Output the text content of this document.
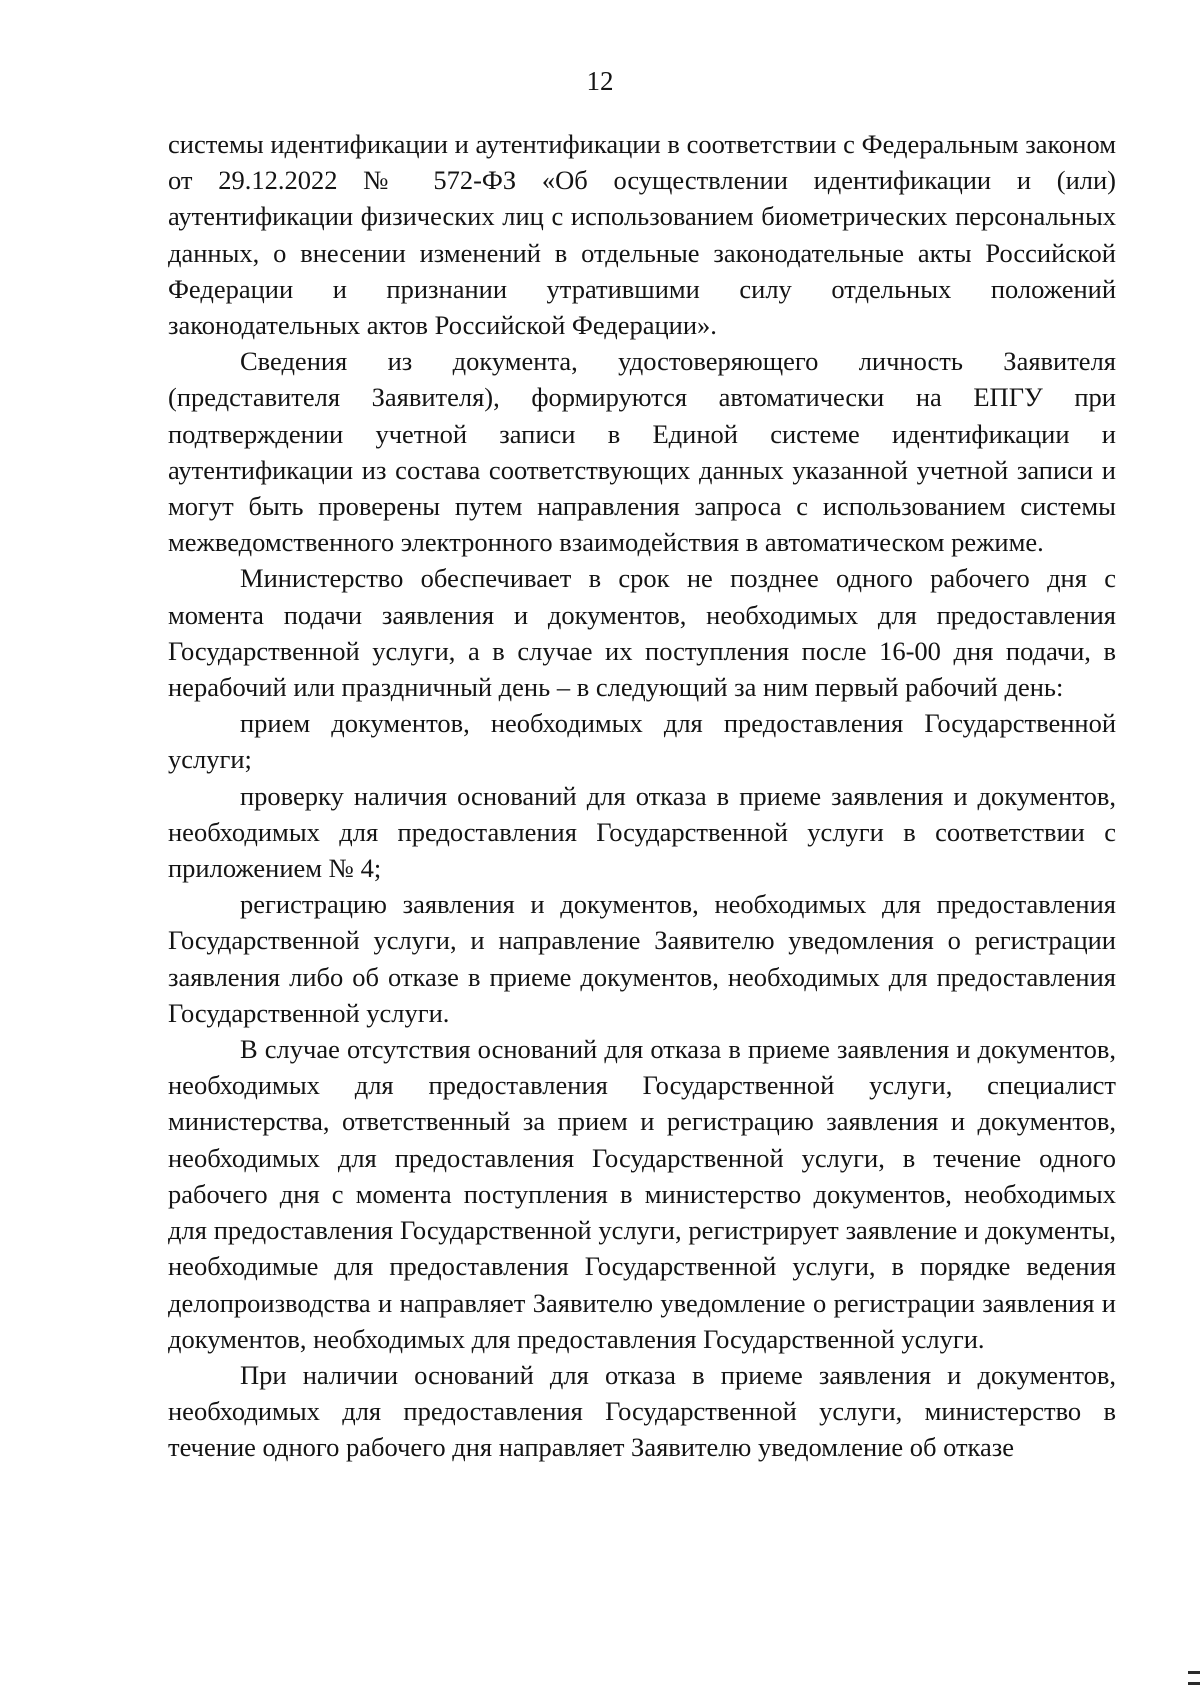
12

системы идентификации и аутентификации в соответствии с Федеральным законом от 29.12.2022 № 572-ФЗ «Об осуществлении идентификации и (или) аутентификации физических лиц с использованием биометрических персональных данных, о внесении изменений в отдельные законодательные акты Российской Федерации и признании утратившими силу отдельных положений законодательных актов Российской Федерации».

Сведения из документа, удостоверяющего личность Заявителя (представителя Заявителя), формируются автоматически на ЕПГУ при подтверждении учетной записи в Единой системе идентификации и аутентификации из состава соответствующих данных указанной учетной записи и могут быть проверены путем направления запроса с использованием системы межведомственного электронного взаимодействия в автоматическом режиме.

Министерство обеспечивает в срок не позднее одного рабочего дня с момента подачи заявления и документов, необходимых для предоставления Государственной услуги, а в случае их поступления после 16-00 дня подачи, в нерабочий или праздничный день – в следующий за ним первый рабочий день:

прием документов, необходимых для предоставления Государственной услуги;

проверку наличия оснований для отказа в приеме заявления и документов, необходимых для предоставления Государственной услуги в соответствии с приложением № 4;

регистрацию заявления и документов, необходимых для предоставления Государственной услуги, и направление Заявителю уведомления о регистрации заявления либо об отказе в приеме документов, необходимых для предоставления Государственной услуги.

В случае отсутствия оснований для отказа в приеме заявления и документов, необходимых для предоставления Государственной услуги, специалист министерства, ответственный за прием и регистрацию заявления и документов, необходимых для предоставления Государственной услуги, в течение одного рабочего дня с момента поступления в министерство документов, необходимых для предоставления Государственной услуги, регистрирует заявление и документы, необходимые для предоставления Государственной услуги, в порядке ведения делопроизводства и направляет Заявителю уведомление о регистрации заявления и документов, необходимых для предоставления Государственной услуги.

При наличии оснований для отказа в приеме заявления и документов, необходимых для предоставления Государственной услуги, министерство в течение одного рабочего дня направляет Заявителю уведомление об отказе
